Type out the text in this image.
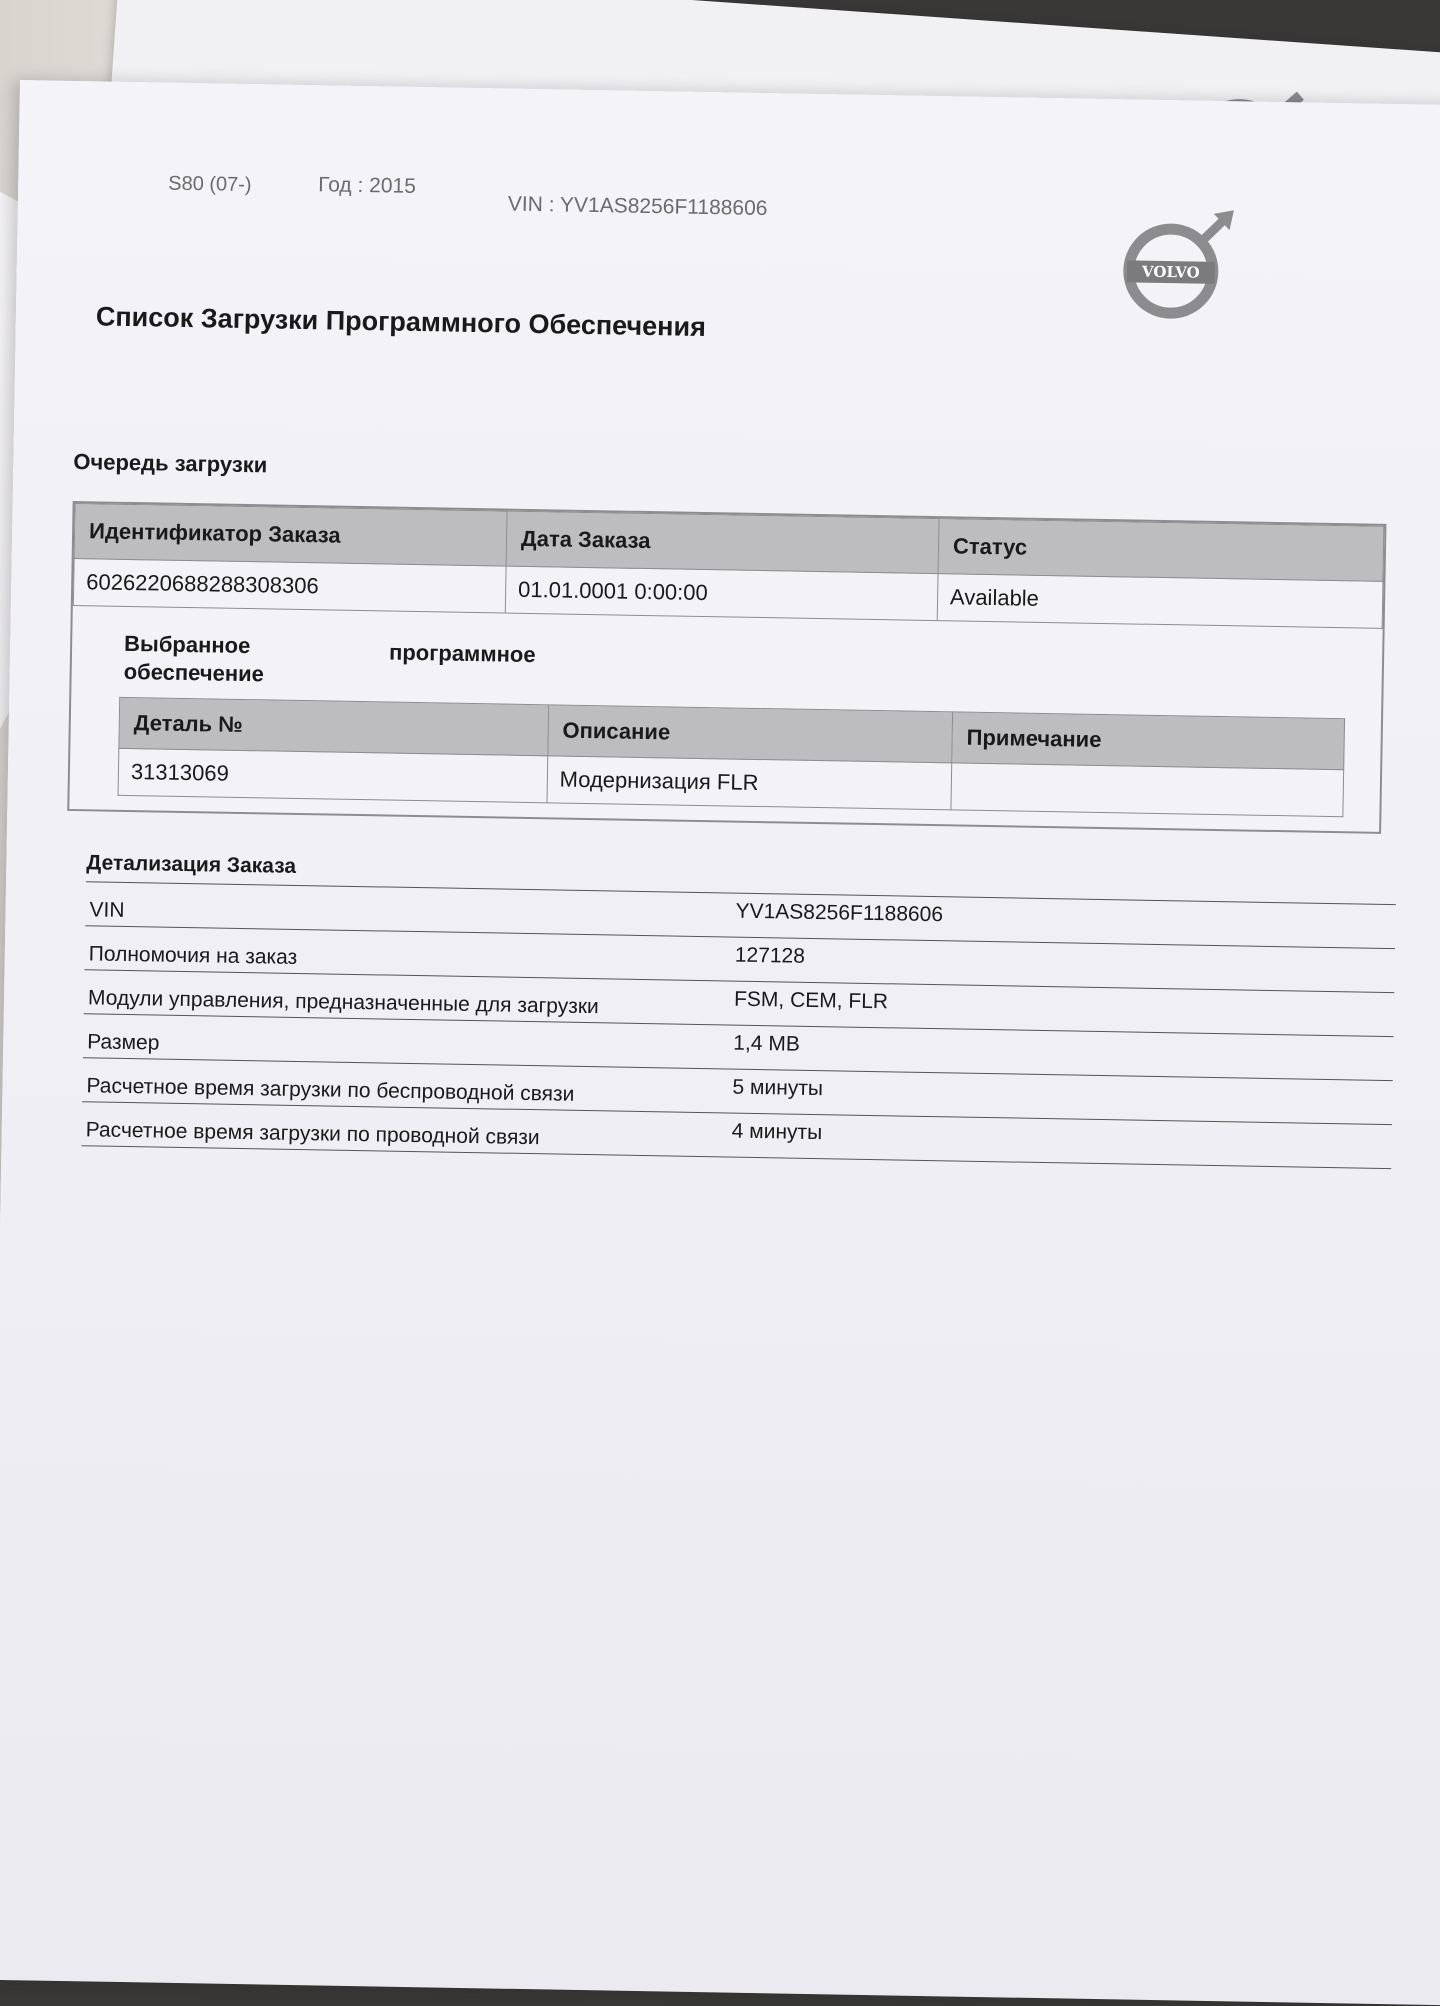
S80 (07-)	Год : 2015
VIN : YV1AS8256F1188606
VOLVO
Список Загрузки Программного Обеспечения
Очередь загрузки
Идентификатор Заказа	Дата Заказа	Статус
6026220688288308306	01.01.0001 0:00:00	Available
Выбранное	программное
обеспечение
Деталь №	Описание	Примечание
31313069	Модернизация FLR	
Детализация Заказа
VIN	YV1AS8256F1188606
Полномочия на заказ	127128
Модули управления, предназначенные для загрузки	FSM, CEM, FLR
Размер	1,4 MB
Расчетное время загрузки по беспроводной связи	5 минуты
Расчетное время загрузки по проводной связи	4 минуты
